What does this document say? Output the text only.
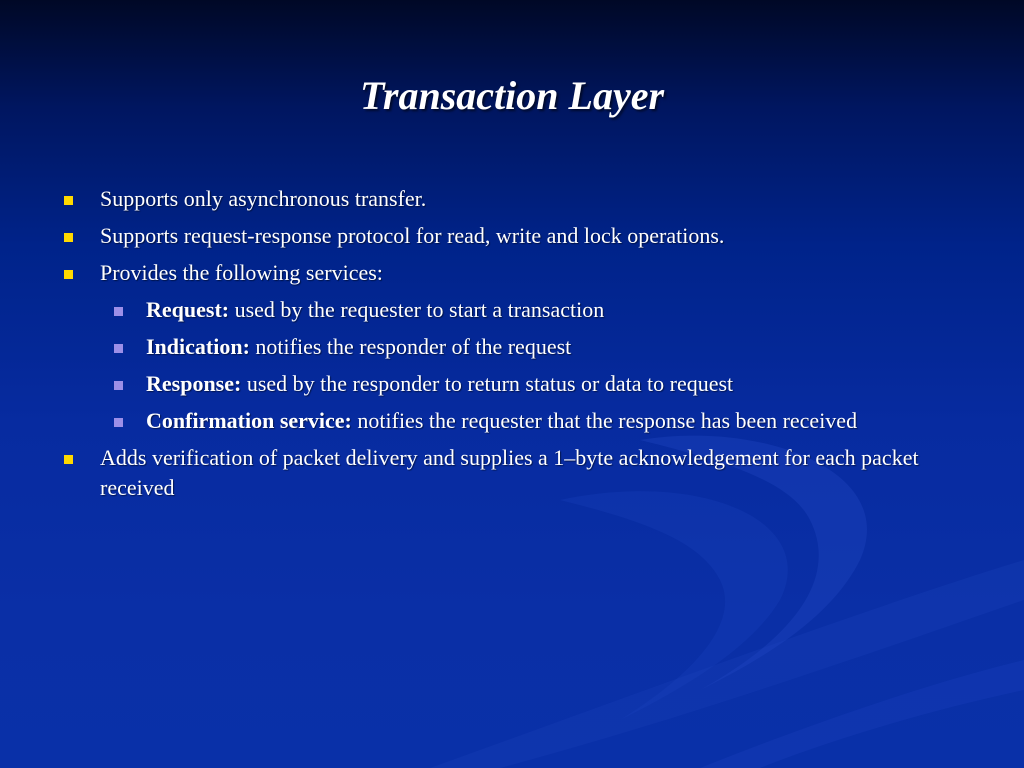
Transaction Layer
Supports only asynchronous transfer.
Supports request-response protocol for read, write and lock operations.
Provides the following services:
Request: used by the requester to start a transaction
Indication: notifies the responder of the request
Response: used by the responder to return status or data to request
Confirmation service: notifies the requester that the response has been received
Adds verification of packet delivery and supplies a 1–byte acknowledgement for each packet received
